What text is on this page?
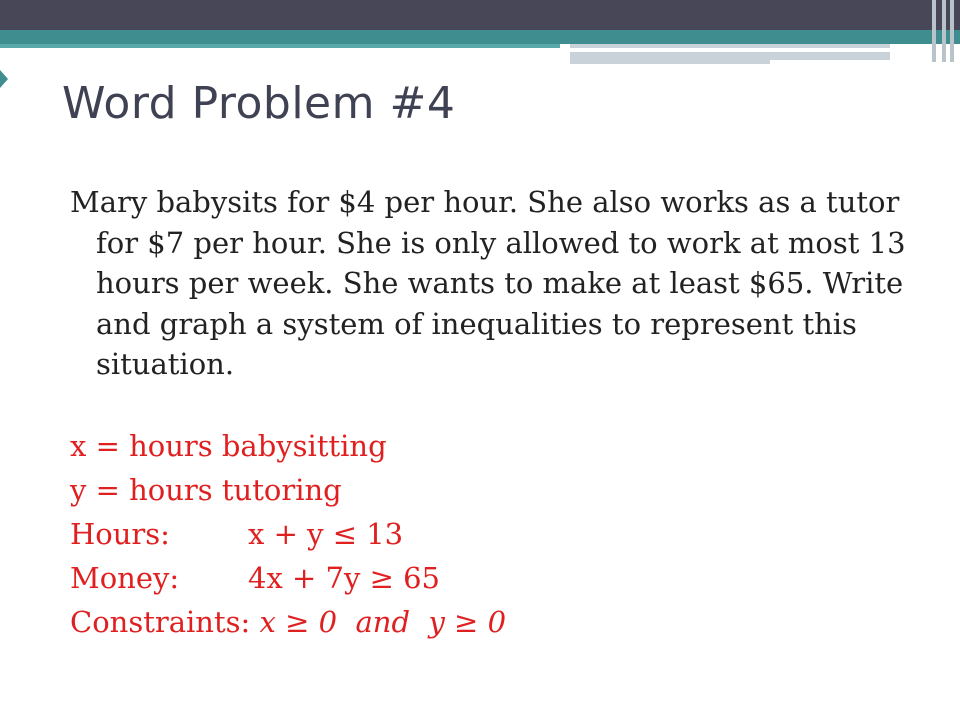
Word Problem #4

Mary babysits for $4 per hour. She also works as a tutor for $7 per hour. She is only allowed to work at most 13 hours per week. She wants to make at least $65. Write and graph a system of inequalities to represent this situation.

x = hours babysitting
y = hours tutoring
Hours:	x + y ≤ 13
Money: 4x + 7y ≥ 65
Constraints: x ≥ 0 and y ≥ 0
